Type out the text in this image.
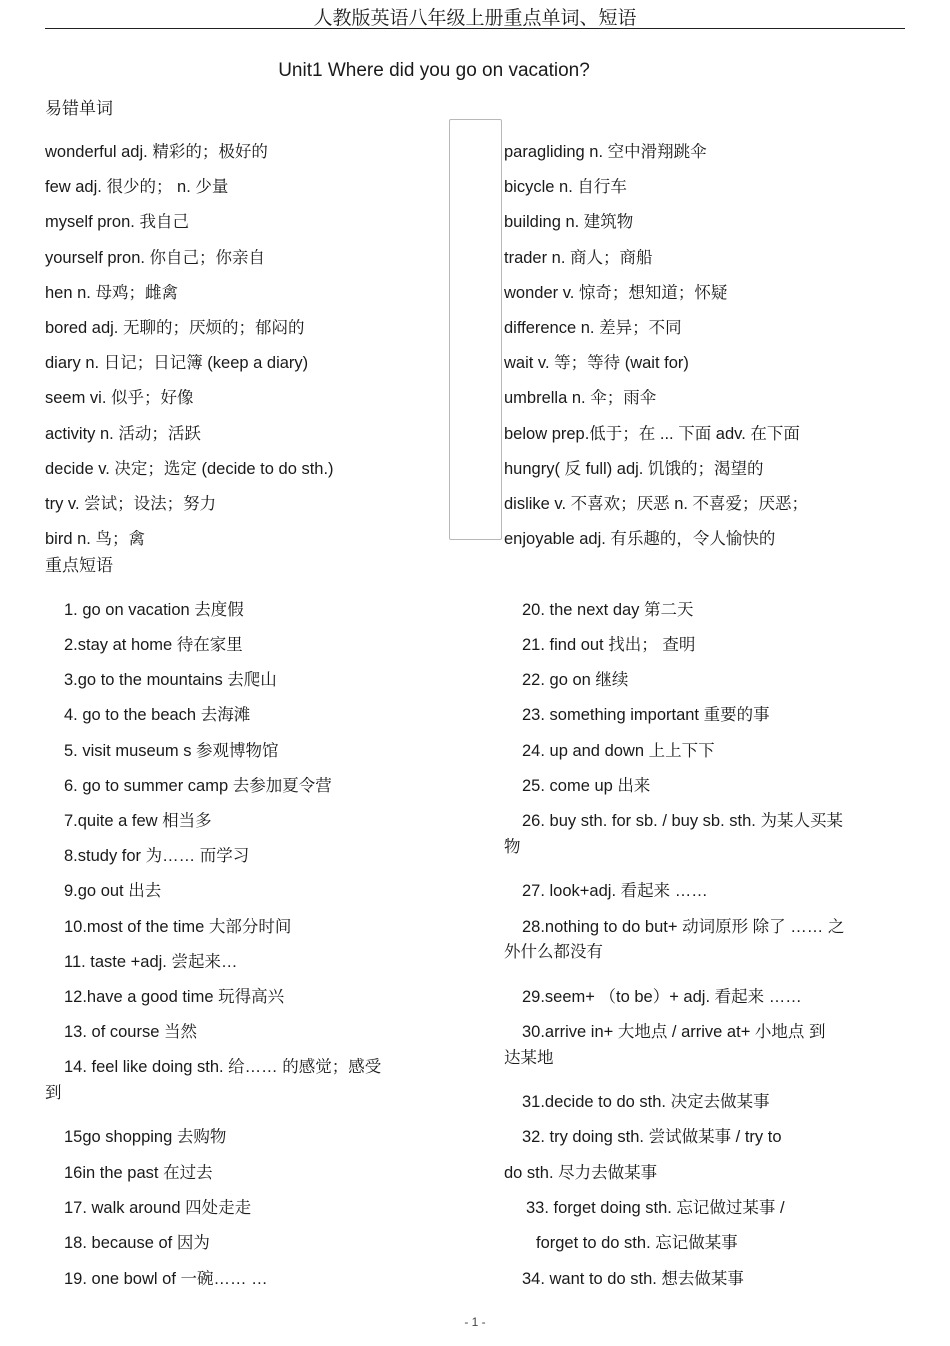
人教版英语八年级上册重点单词、短语
Unit1 Where did you go on vacation?
易错单词
wonderful adj. 精彩的；极好的
few adj. 很少的； n. 少量
myself pron. 我自己
yourself pron. 你自己；你亲自
hen n. 母鸡；雌禽
bored adj. 无聊的；厌烦的；郁闷的
diary n. 日记；日记簿 (keep a diary)
seem vi. 似乎；好像
activity n. 活动；活跃
decide v. 决定；选定 (decide to do sth.)
try v. 尝试；设法；努力
bird n. 鸟；禽
paragliding n. 空中滑翔跳伞
bicycle n. 自行车
building n. 建筑物
trader n. 商人；商船
wonder v. 惊奇；想知道；怀疑
difference n. 差异；不同
wait v. 等；等待 (wait for)
umbrella n. 伞；雨伞
below prep.低于；在 ... 下面 adv. 在下面
hungry( 反 full) adj. 饥饿的；渴望的
dislike v. 不喜欢；厌恶 n. 不喜爱；厌恶；
enjoyable adj. 有乐趣的，令人愉快的
重点短语
1. go on vacation 去度假
2.stay at home 待在家里
3.go to the mountains 去爬山
4. go to the beach 去海滩
5. visit museum s 参观博物馆
6. go to summer camp 去参加夏令营
7.quite a few 相当多
8.study for 为…… 而学习
9.go out 出去
10.most of the time 大部分时间
11. taste +adj. 尝起来…
12.have a good time 玩得高兴
13. of course 当然
14. feel like doing sth. 给…… 的感觉；感受
到
15go shopping 去购物
16in the past 在过去
17. walk around 四处走走
18. because of 因为
19. one bowl of 一碗…… …
20. the next day 第二天
21. find out 找出； 查明
22. go on 继续
23. something important 重要的事
24. up and down 上上下下
25. come up 出来
26. buy sth. for sb. / buy sb. sth. 为某人买某
物
27. look+adj. 看起来 ……
28.nothing to do but+ 动词原形 除了 …… 之
外什么都没有
29.seem+ （to be）+ adj. 看起来 ……
30.arrive in+ 大地点 / arrive at+ 小地点 到
达某地
31.decide to do sth. 决定去做某事
32. try doing sth. 尝试做某事 / try to
do sth. 尽力去做某事
33. forget doing sth. 忘记做过某事 /
forget to do sth. 忘记做某事
34. want to do sth. 想去做某事
- 1 -
